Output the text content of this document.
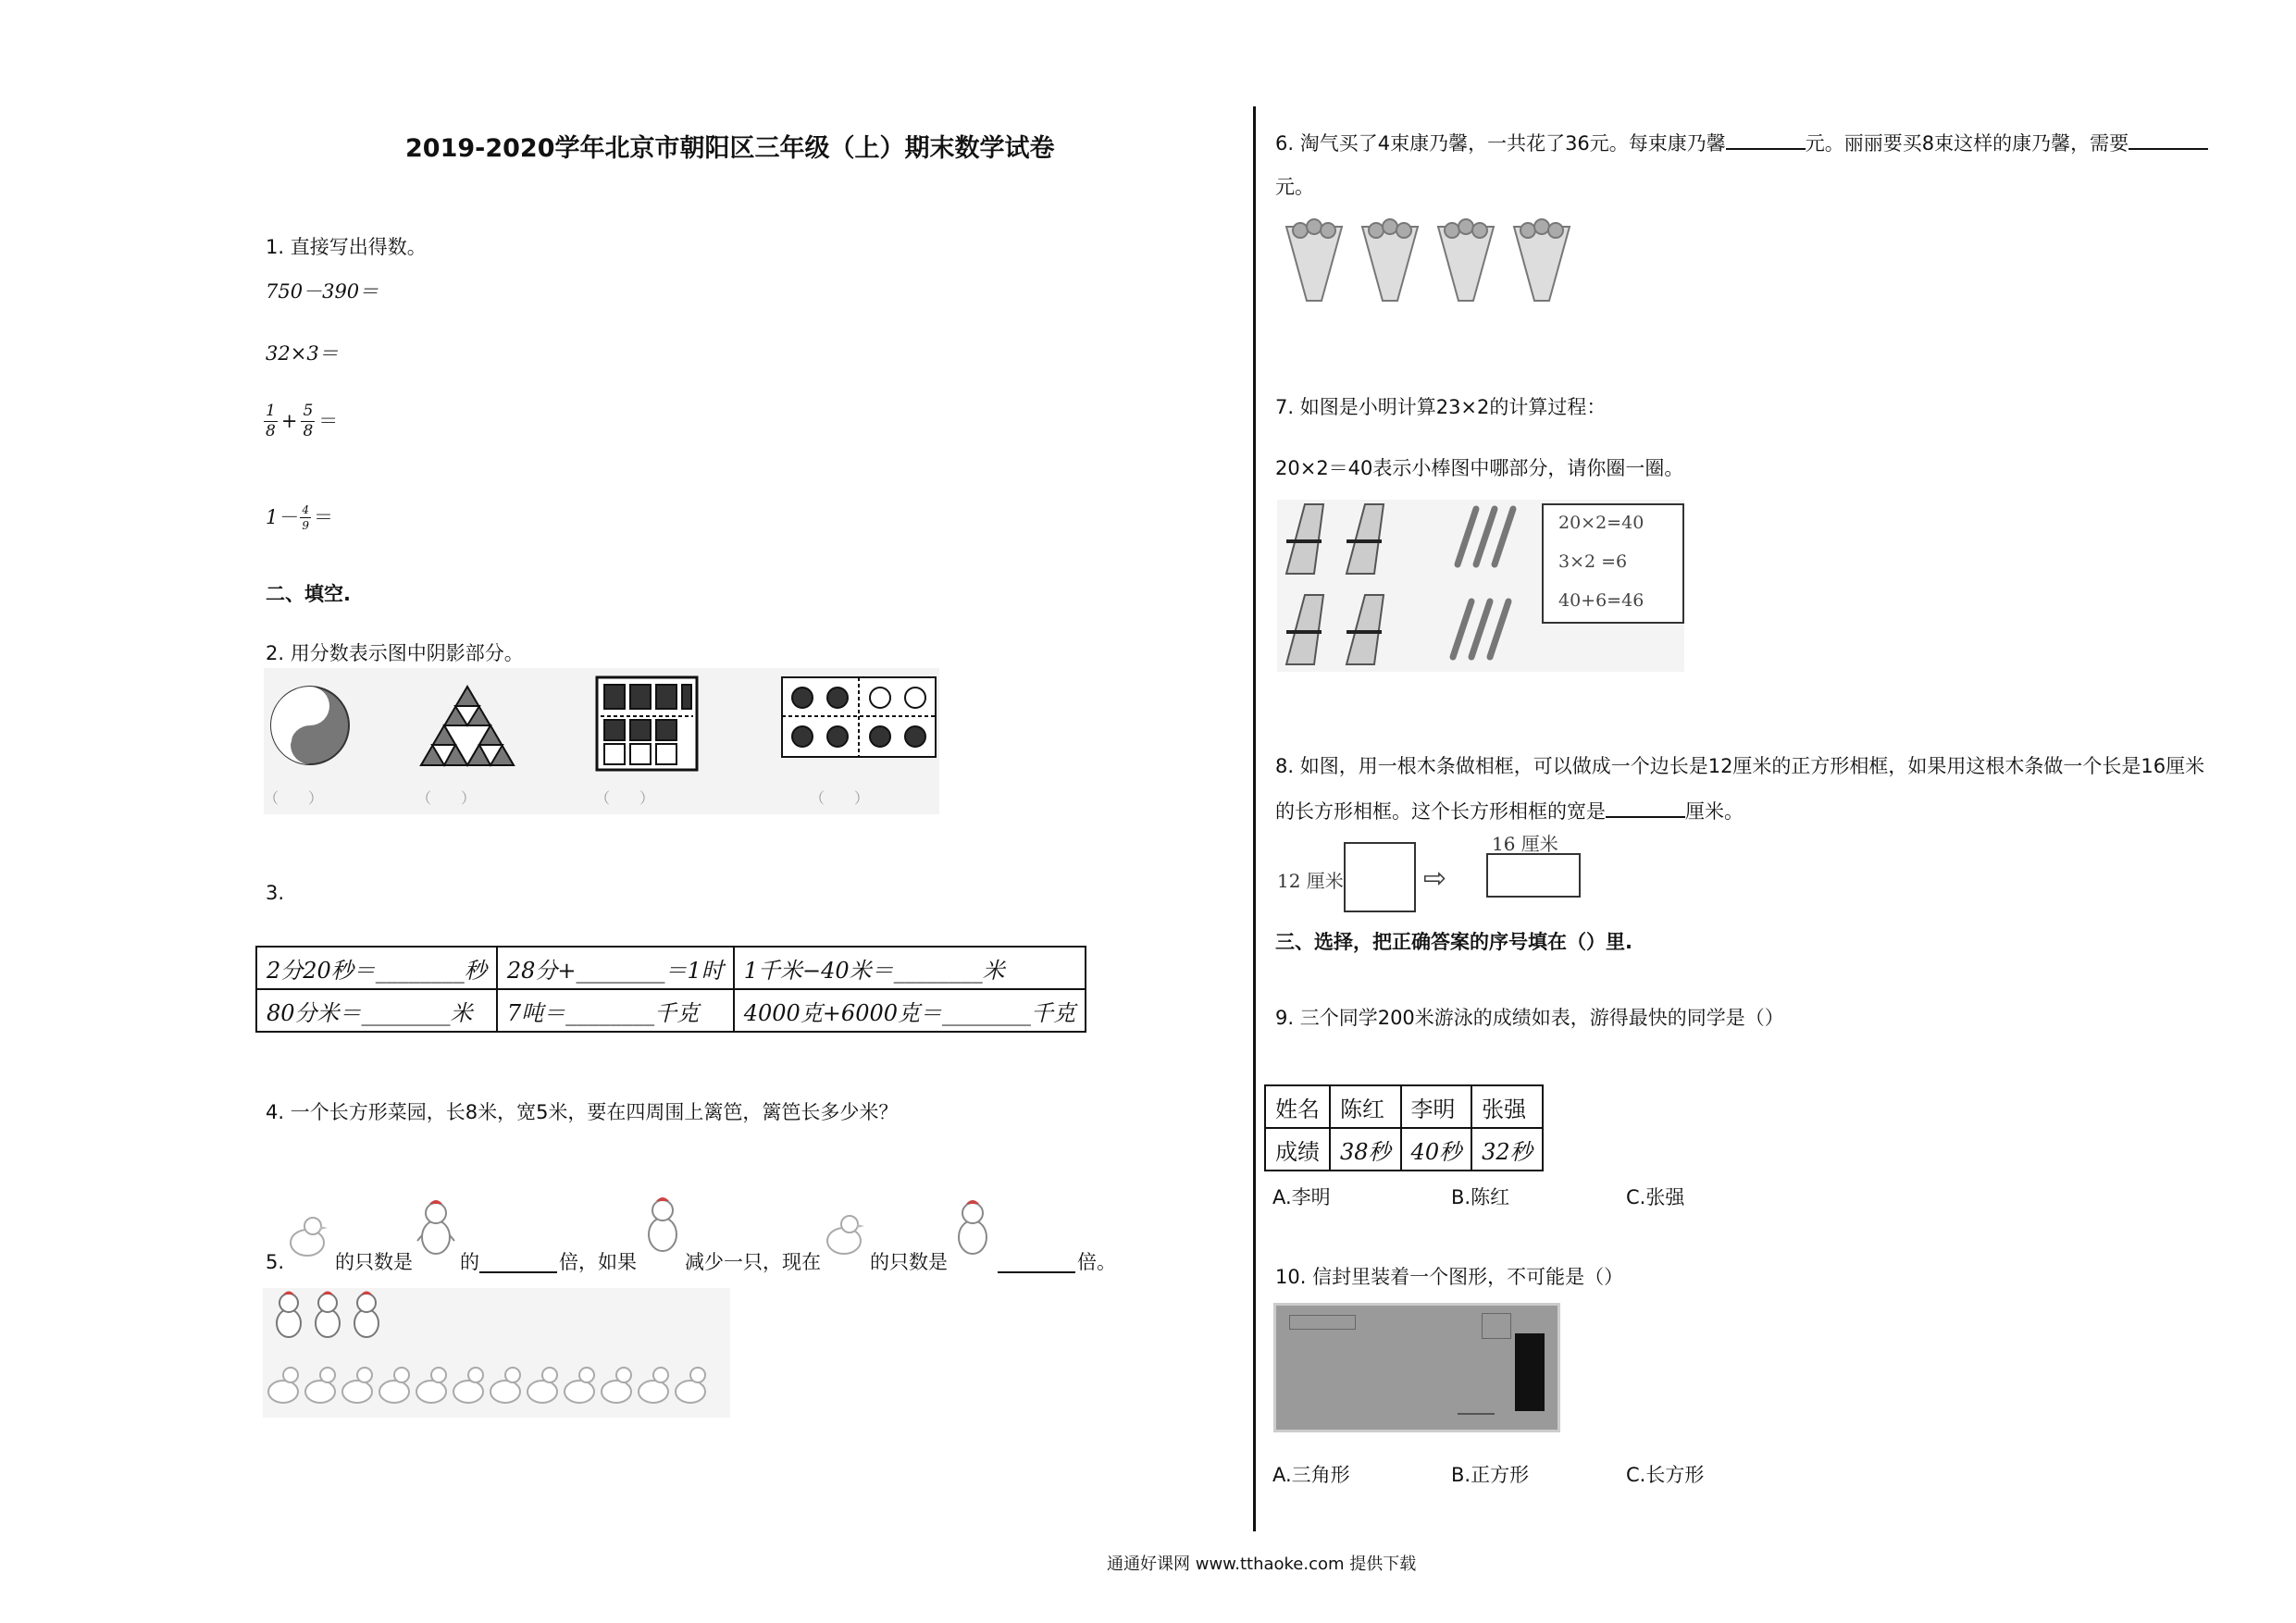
2019-2020学年北京市朝阳区三年级（上）期末数学试卷
1. 直接写出得数。
750－390＝
32×3＝
$\frac{1}{8} + \frac{5}{8}$ ＝
$1- \frac{4}{9}$ ＝
二、填空.
2. 用分数表示图中阴影部分。
（　　）	（　　）	（　　）	（　　）
3.
2分20秒＝________秒	28分+________＝1时	1千米−40米＝________米
80分米＝________米	7吨＝________千克	4000克+6000克＝________千克
4. 一个长方形菜园，长8米，宽5米，要在四周围上篱笆，篱笆长多少米？
5.	的只数是 的	倍，如果 减少一只，现在	的只数是	倍。
6. 淘气买了4束康乃馨，一共花了36元。每束康乃馨	元。丽丽要买8束这样的康乃馨，需要
元。
7. 如图是小明计算23×2的计算过程：
20×2＝40表示小棒图中哪部分，请你圈一圈。
20×2=40
3×2 =6
40+6=46
8. 如图，用一根木条做相框，可以做成一个边长是12厘米的正方形相框，如果用这根木条做一个长是16厘米
的长方形相框。这个长方形相框的宽是	厘米。
12 厘米	⇨
16 厘米
三、选择，把正确答案的序号填在（）里.
9. 三个同学200米游泳的成绩如表，游得最快的同学是（）
姓名	陈红	李明	张强
成绩	38秒	40秒	32秒
A.李明	B.陈红	C.张强
10. 信封里装着一个图形，不可能是（）
A.三角形	B.正方形	C.长方形
通通好课网 www.tthaoke.com 提供下载
